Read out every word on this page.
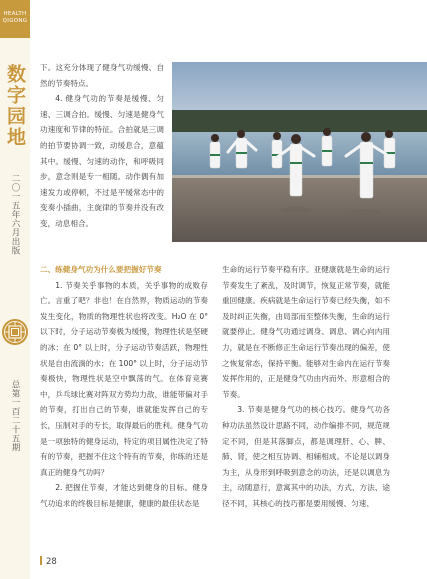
HEALTH
QIGONG
数字园地
二〇一五年六月出版
总第一百二十五期

下。这充分体现了健身气功缓慢、自然的节奏特点。

4. 健身气功的节奏是缓慢、匀速、三调合拍。缓慢、匀速是健身气功速度和节律的特征。合拍就是三调的拍节要协调一致，动缓息合，意蕴其中。缓慢、匀速的动作，和呼吸同步，意念则是专一相随。动作偶有加速发力或停顿，不过是平缓常态中的变奏小插曲，主旋律的节奏并没有改变，动息相合。

二、练健身气功为什么要把握好节奏

1. 节奏关乎事物的本质，关乎事物的成败存亡。言重了吧？非也！在自然界，物质运动的节奏发生变化，物质的物理性状也将改变。H₂O 在 0° 以下时，分子运动节奏极为缓慢，物理性状是坚硬的冰；在 0° 以上时，分子运动节奏活跃，物理性状是自由流淌的水；在 100° 以上时，分子运动节奏极快，物理性状是空中飘荡的气。在体育竞赛中，乒乓球比赛对阵双方势均力敌，谁能带偏对手的节奏，打出自己的节奏，谁就能发挥自己的专长，压制对手的专长，取得最后的胜利。健身气功是一项独特的健身运动，特定的项目属性决定了特有的节奏，把握不住这个特有的节奏，你练的还是真正的健身气功吗？

2. 把握住节奏，才能达到健身的目标。健身气功追求的终极目标是健康，健康的最佳状态是

生命的运行节奏平稳有序。亚健康就是生命的运行节奏发生了紊乱，及时调节，恢复正常节奏，就能重回健康。疾病就是生命运行节奏已经失衡，如不及时纠正失衡，由局部而至整体失衡，生命的运行就要停止。健身气功通过调身、调息、调心向内用力，就是在不断修正生命运行节奏出现的偏差，使之恢复常态，保持平衡。能够对生命内在运行节奏发挥作用的，正是健身气功由内而外、形意相合的节奏。

3. 节奏是健身气功的核心技巧。健身气功各种功法虽然设计思路不同，动作编排不同，规范规定不同，但是其落脚点，都是调理肝、心、脾、肺、肾，使之相互协调、相辅相成。不论是以调身为主，从身形到呼吸到意念的功法，还是以调息为主，动随意行，意寓其中的功法，方式、方法、途径不同，其核心的技巧都是要用缓慢、匀速、

28
